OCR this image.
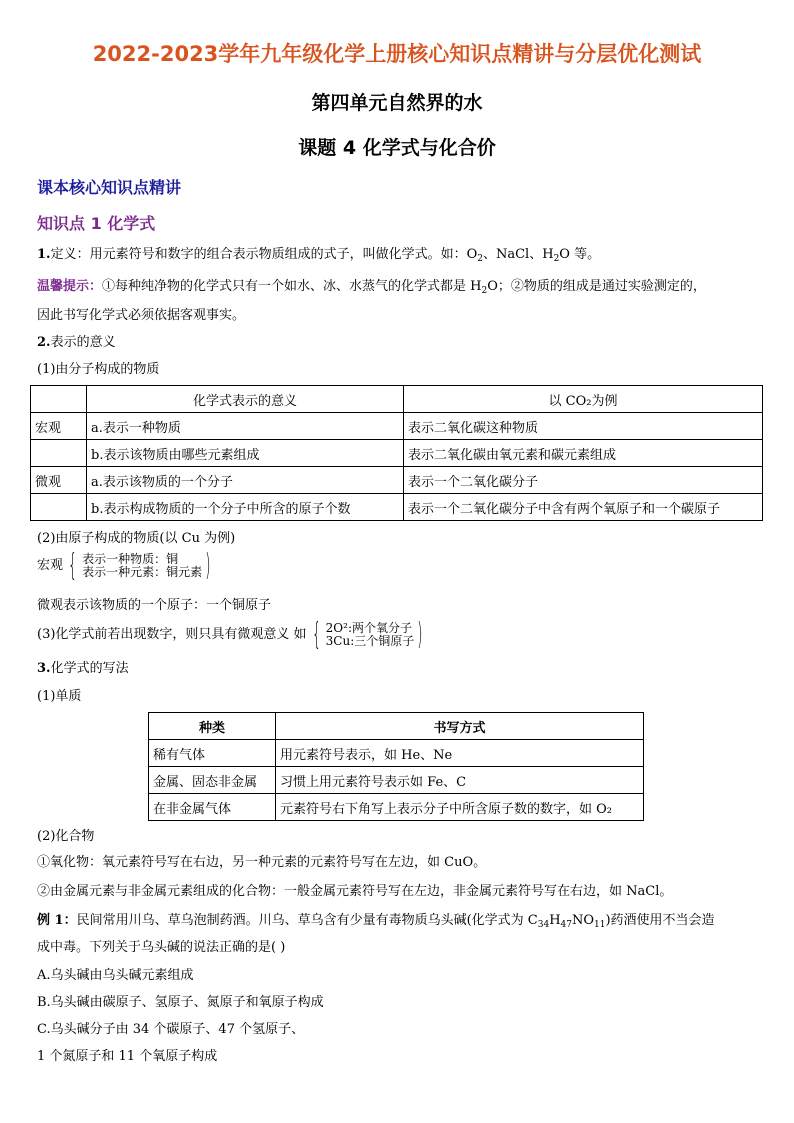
2022-2023学年九年级化学上册核心知识点精讲与分层优化测试
第四单元自然界的水
课题 4 化学式与化合价
课本核心知识点精讲
知识点 1 化学式
1.定义：用元素符号和数字的组合表示物质组成的式子，叫做化学式。如：$O_2$、NaCl、$H_2O$ 等。
温馨提示：①每种纯净物的化学式只有一个如水、冰、水蒸气的化学式都是 $H_2O$；②物质的组成是通过实验测定的，
因此书写化学式必须依据客观事实。
2.表示的意义
(1)由分子构成的物质
	化学式表示的意义	以 CO₂为例
宏观	a.表示一种物质	表示二氧化碳这种物质
	b.表示该物质由哪些元素组成	表示二氧化碳由氧元素和碳元素组成
微观	a.表示该物质的一个分子	表示一个二氧化碳分子
	b.表示构成物质的一个分子中所含的原子个数	表示一个二氧化碳分子中含有两个氧原子和一个碳原子
(2)由原子构成的物质(以 Cu 为例)
宏观 { 表示一种物质：铜
表示一种元素：铜元素 )
微观表示该物质的一个原子：一个铜原子
(3)化学式前若出现数字，则只具有微观意义 如 { 2O²:两个氧分子
3Cu:三个铜原子 )
3.化学式的写法
(1)单质
种类	书写方式
稀有气体	用元素符号表示，如 He、Ne
金属、固态非金属	习惯上用元素符号表示如 Fe、C
在非金属气体	元素符号右下角写上表示分子中所含原子数的数字，如 O₂
(2)化合物
①氧化物：氧元素符号写在右边，另一种元素的元素符号写在左边，如 CuO。
②由金属元素与非金属元素组成的化合物：一般金属元素符号写在左边，非金属元素符号写在右边，如 NaCl。
例 1：民间常用川乌、草乌泡制药酒。川乌、草乌含有少量有毒物质乌头碱(化学式为 $C_{34}H_{47}NO_{11}$)药酒使用不当会造
成中毒。下列关于乌头碱的说法正确的是( )
A.乌头碱由乌头碱元素组成
B.乌头碱由碳原子、氢原子、氮原子和氧原子构成
C.乌头碱分子由 34 个碳原子、47 个氢原子、
1 个氮原子和 11 个氧原子构成
